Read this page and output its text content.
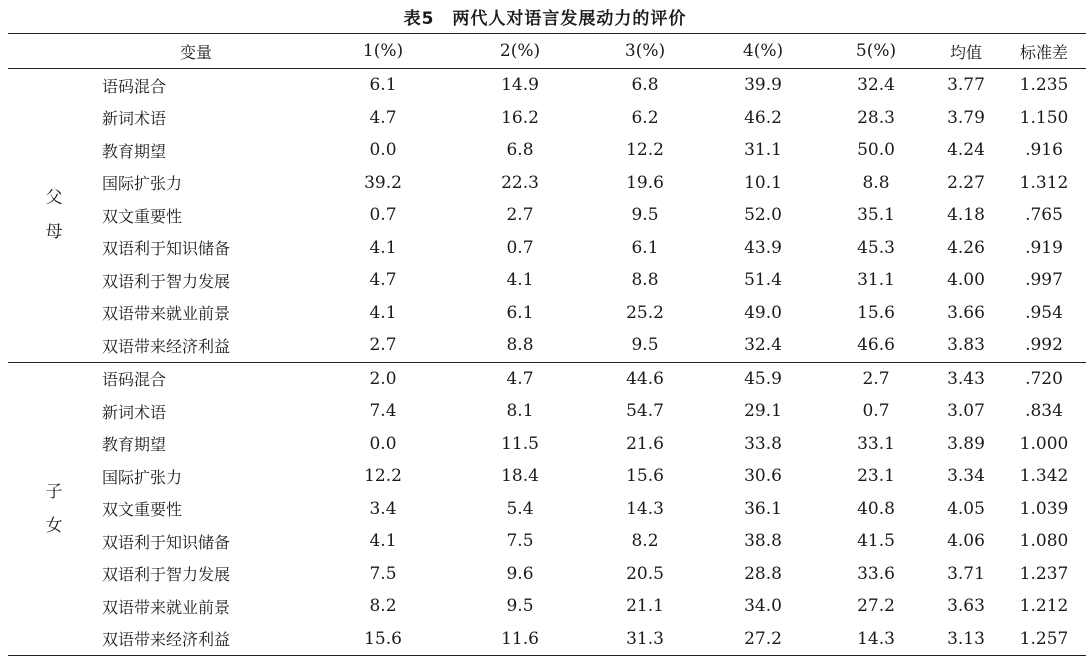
表5　两代人对语言发展动力的评价
	变量	1(%)	2(%)	3(%)	4(%)	5(%)	均值	标准差

父
母	语码混合	6.1	14.9	6.8	39.9	32.4	3.77	1.235
	新词术语	4.7	16.2	6.2	46.2	28.3	3.79	1.150
	教育期望	0.0	6.8	12.2	31.1	50.0	4.24	.916
	国际扩张力	39.2	22.3	19.6	10.1	8.8	2.27	1.312
	双文重要性	0.7	2.7	9.5	52.0	35.1	4.18	.765
	双语利于知识储备	4.1	0.7	6.1	43.9	45.3	4.26	.919
	双语利于智力发展	4.7	4.1	8.8	51.4	31.1	4.00	.997
	双语带来就业前景	4.1	6.1	25.2	49.0	15.6	3.66	.954
	双语带来经济利益	2.7	8.8	9.5	32.4	46.6	3.83	.992

子
女	语码混合	2.0	4.7	44.6	45.9	2.7	3.43	.720
	新词术语	7.4	8.1	54.7	29.1	0.7	3.07	.834
	教育期望	0.0	11.5	21.6	33.8	33.1	3.89	1.000
	国际扩张力	12.2	18.4	15.6	30.6	23.1	3.34	1.342
	双文重要性	3.4	5.4	14.3	36.1	40.8	4.05	1.039
	双语利于知识储备	4.1	7.5	8.2	38.8	41.5	4.06	1.080
	双语利于智力发展	7.5	9.6	20.5	28.8	33.6	3.71	1.237
	双语带来就业前景	8.2	9.5	21.1	34.0	27.2	3.63	1.212
	双语带来经济利益	15.6	11.6	31.3	27.2	14.3	3.13	1.257
